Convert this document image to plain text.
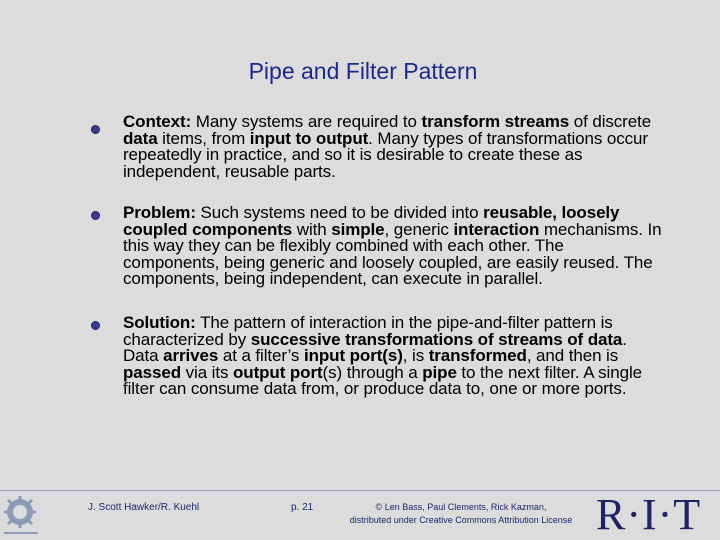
Pipe and Filter Pattern
Context: Many systems are required to transform streams of discrete data items, from input to output. Many types of transformations occur repeatedly in practice, and so it is desirable to create these as independent, reusable parts.
Problem: Such systems need to be divided into reusable, loosely coupled components with simple, generic interaction mechanisms. In this way they can be flexibly combined with each other. The components, being generic and loosely coupled, are easily reused. The components, being independent, can execute in parallel.
Solution: The pattern of interaction in the pipe-and-filter pattern is characterized by successive transformations of streams of data. Data arrives at a filter’s input port(s), is transformed, and then is passed via its output port(s) through a pipe to the next filter. A single filter can consume data from, or produce data to, one or more ports.
J. Scott Hawker/R. Kuehl	p. 21	© Len Bass, Paul Clements, Rick Kazman,
distributed under Creative Commons Attribution License R·I·T
